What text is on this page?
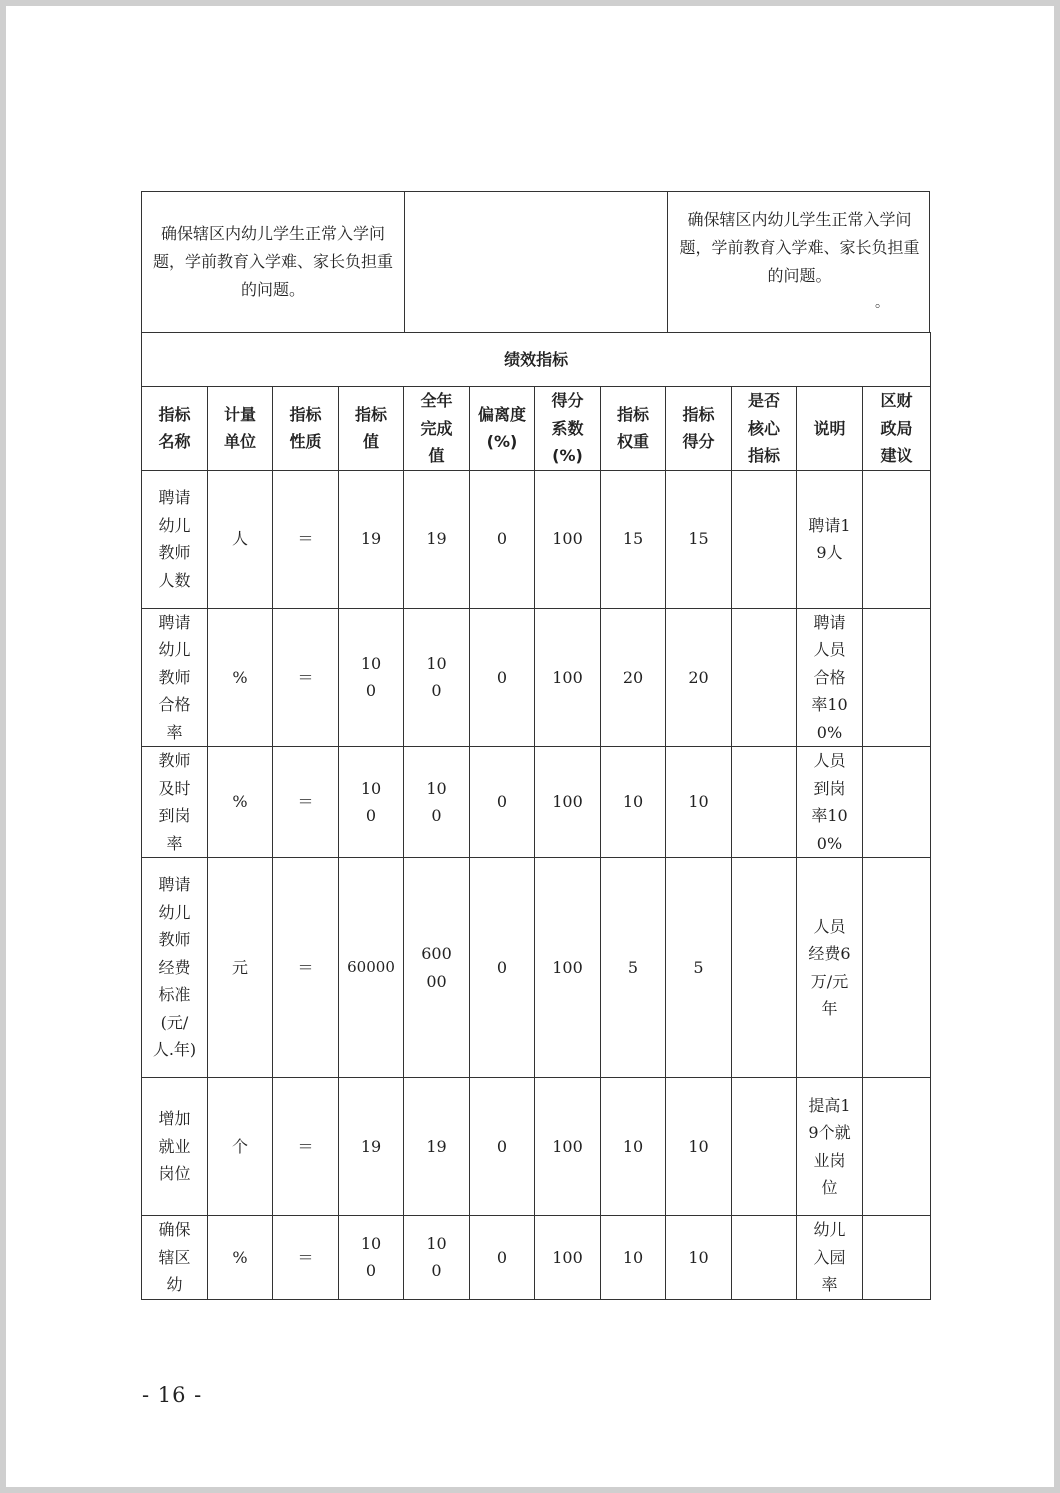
确保辖区内幼儿学生正常入学问题，学前教育入学难、家长负担重的问题。
确保辖区内幼儿学生正常入学问题，学前教育入学难、家长负担重的问题。
。
绩效指标											
指标名称	计量单位	指标性质	指标值	全年完成值	偏离度(%)	得分系数(%)	指标权重	指标得分	是否核心指标	说明	区财政局建议
聘请幼儿教师人数	人	＝	19	19	0	100	15	15		聘请19人	
聘请幼儿教师合格率	%	＝	100	100	0	100	20	20		聘请人员合格率100%	
教师及时到岗率	%	＝	100	100	0	100	10	10		人员到岗率100%	
聘请幼儿教师经费标准(元/人.年)	元	＝	60000	60000	0	100	5	5		人员经费6万/元年	
增加就业岗位	个	＝	19	19	0	100	10	10		提高19个就业岗位	
确保辖区幼	%	＝	100	100	0	100	10	10		幼儿入园率	
- 16 -
